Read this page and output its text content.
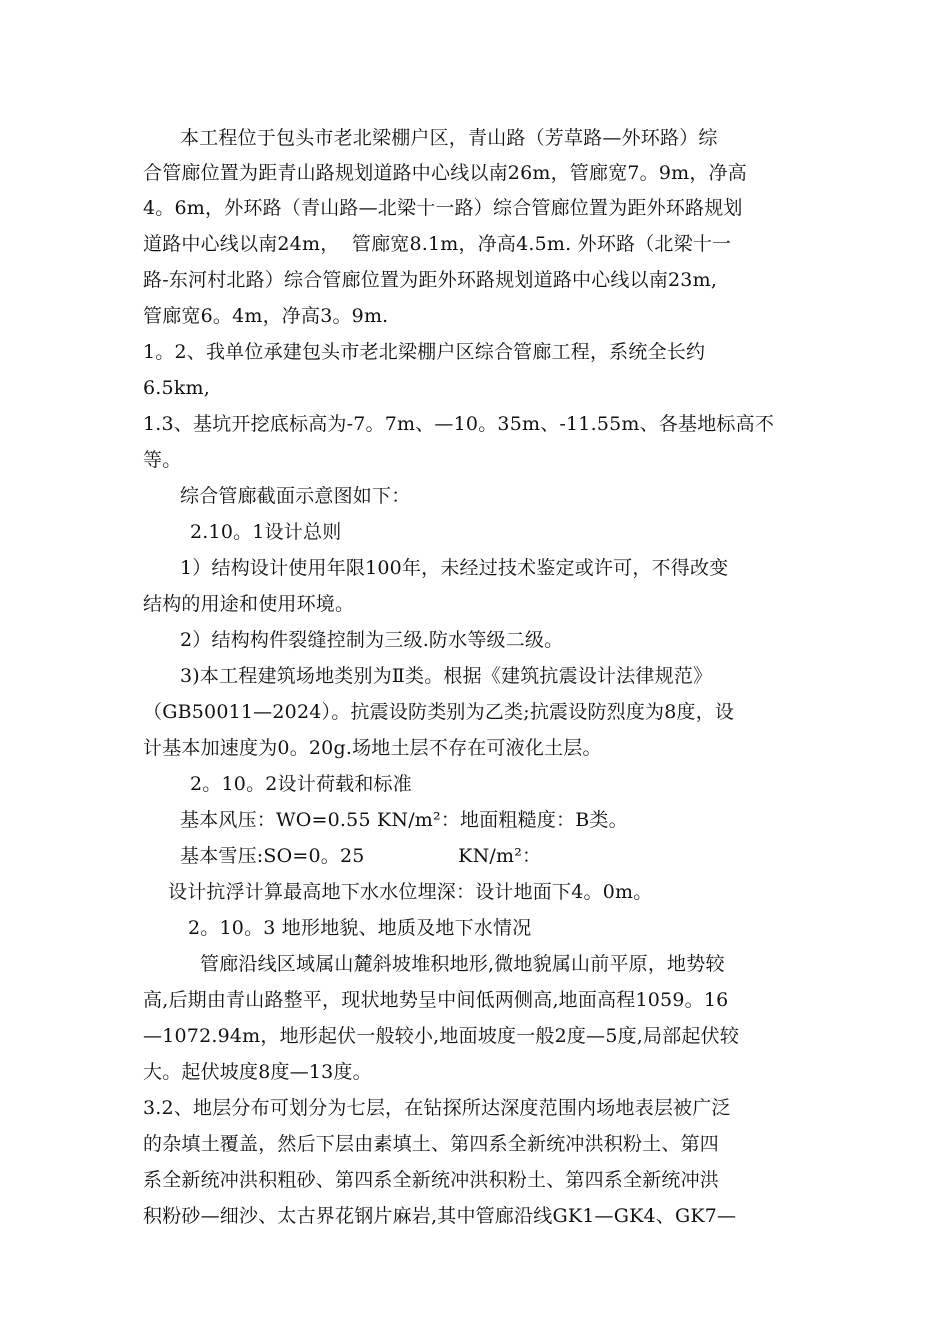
本工程位于包头市老北梁棚户区，青山路（芳草路—外环路）综
合管廊位置为距青山路规划道路中心线以南26m，管廊宽7。9m，净高
4。6m，外环路（青山路—北梁十一路）综合管廊位置为距外环路规划
道路中心线以南24m，  管廊宽8.1m，净高4.5m. 外环路（北梁十一
路-东河村北路）综合管廊位置为距外环路规划道路中心线以南23m,
管廊宽6。4m，净高3。9m.
1。2、我单位承建包头市老北梁棚户区综合管廊工程，系统全长约
6.5km,
1.3、基坑开挖底标高为-7。7m、—10。35m、-11.55m、各基地标高不
等。
综合管廊截面示意图如下：
2.10。1设计总则
1）结构设计使用年限100年，未经过技术鉴定或许可，不得改变
结构的用途和使用环境。
2）结构构件裂缝控制为三级.防水等级二级。
3)本工程建筑场地类别为Ⅱ类。根据《建筑抗震设计法律规范》
（GB50011—2024）。抗震设防类别为乙类;抗震设防烈度为8度，设
计基本加速度为0。20g.场地土层不存在可液化土层。
2。10。2设计荷载和标准
基本风压：WO=0.55 KN/m²：地面粗糙度：B类。
基本雪压:SO=0。25               KN/m²：
设计抗浮计算最高地下水水位埋深：设计地面下4。0m。
2。10。3 地形地貌、地质及地下水情况
管廊沿线区域属山麓斜坡堆积地形,微地貌属山前平原，地势较
高,后期由青山路整平，现状地势呈中间低两侧高,地面高程1059。16
—1072.94m，地形起伏一般较小,地面坡度一般2度—5度,局部起伏较
大。起伏坡度8度—13度。
3.2、地层分布可划分为七层，在钻探所达深度范围内场地表层被广泛
的杂填土覆盖，然后下层由素填土、第四系全新统冲洪积粉土、第四
系全新统冲洪积粗砂、第四系全新统冲洪积粉土、第四系全新统冲洪
积粉砂—细沙、太古界花钢片麻岩,其中管廊沿线GK1—GK4、GK7—
